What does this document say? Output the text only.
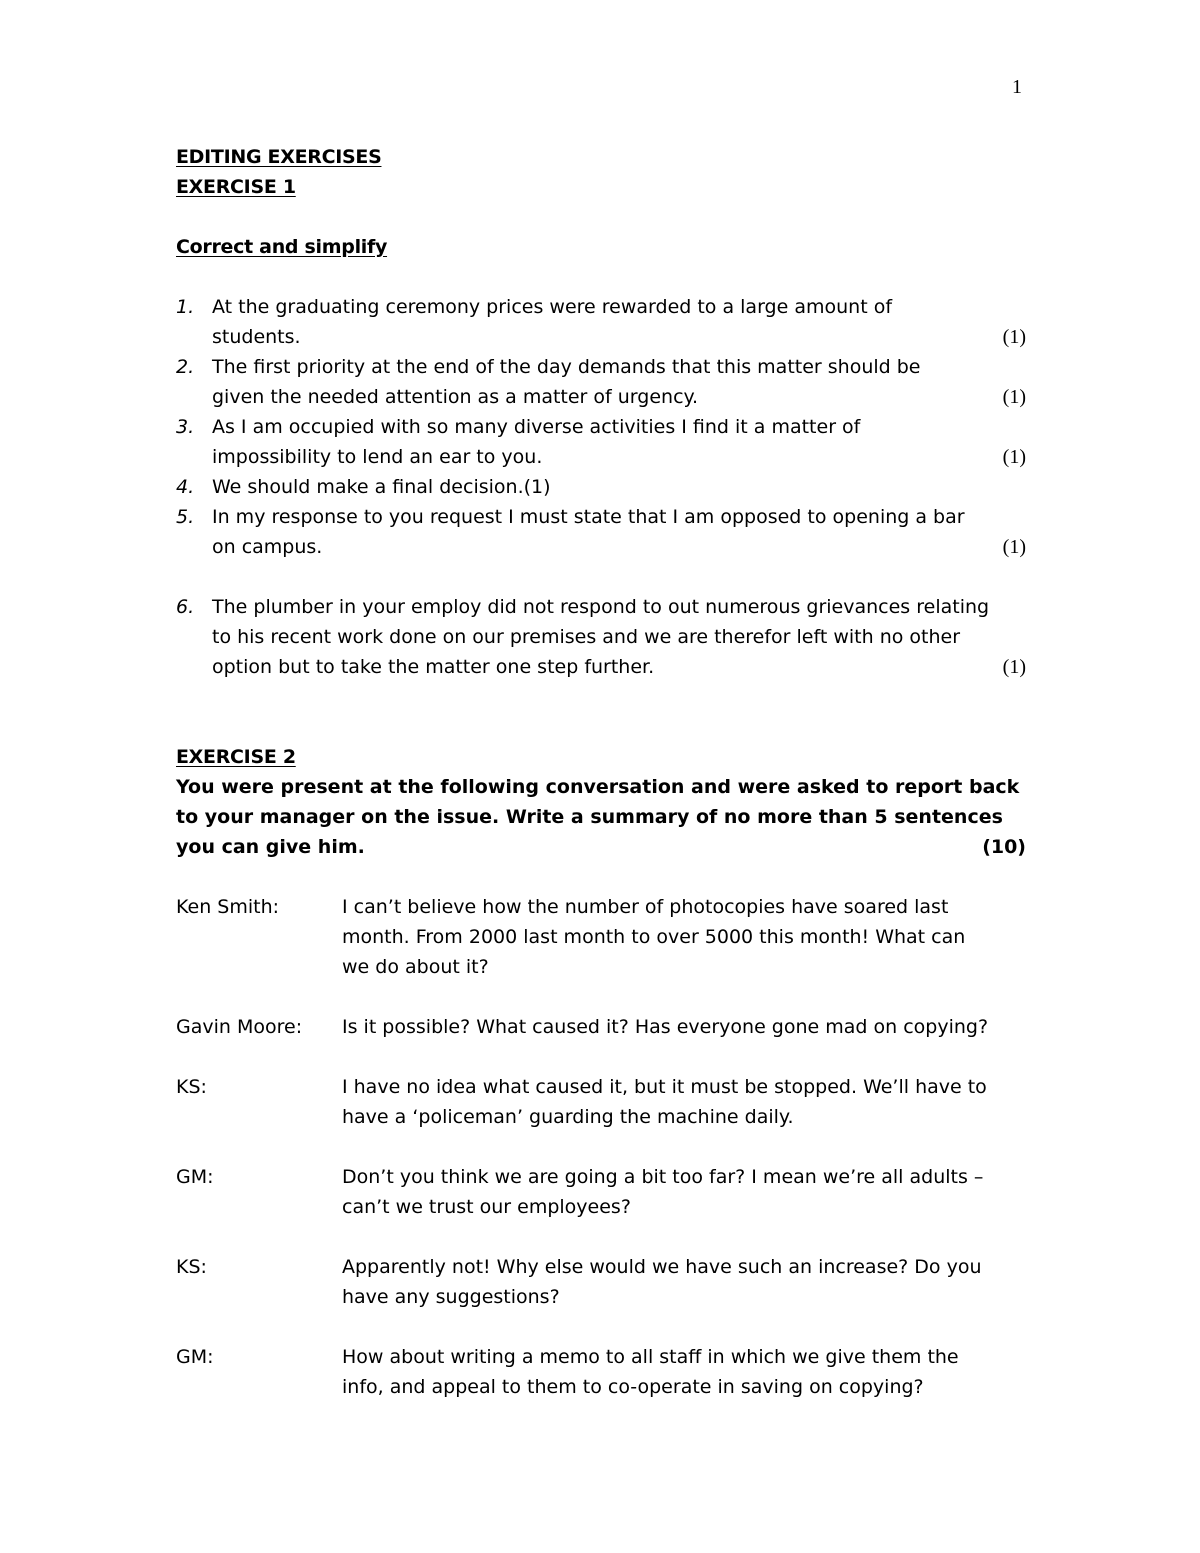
1
EDITING EXERCISES
EXERCISE 1
Correct and simplify
1. At the graduating ceremony prices were rewarded to a large amount of
students.	(1)
2. The first priority at the end of the day demands that this matter should be
given the needed attention as a matter of urgency.	(1)
3. As I am occupied with so many diverse activities I find it a matter of
impossibility to lend an ear to you.	(1)
4. We should make a final decision.(1)
5. In my response to you request I must state that I am opposed to opening a bar
on campus.	(1)
6. The plumber in your employ did not respond to out numerous grievances relating
to his recent work done on our premises and we are therefor left with no other
option but to take the matter one step further.	(1)
EXERCISE 2
You were present at the following conversation and were asked to report back
to your manager on the issue. Write a summary of no more than 5 sentences
you can give him.	(10)
Ken Smith:	I can’t believe how the number of photocopies have soared last
month. From 2000 last month to over 5000 this month! What can
we do about it?
Gavin Moore: Is it possible? What caused it? Has everyone gone mad on copying?
KS:	I have no idea what caused it, but it must be stopped. We’ll have to
have a ‘policeman’ guarding the machine daily.
GM:	Don’t you think we are going a bit too far? I mean we’re all adults –
can’t we trust our employees?
KS:	Apparently not! Why else would we have such an increase? Do you
have any suggestions?
GM:	How about writing a memo to all staff in which we give them the
info, and appeal to them to co-operate in saving on copying?
